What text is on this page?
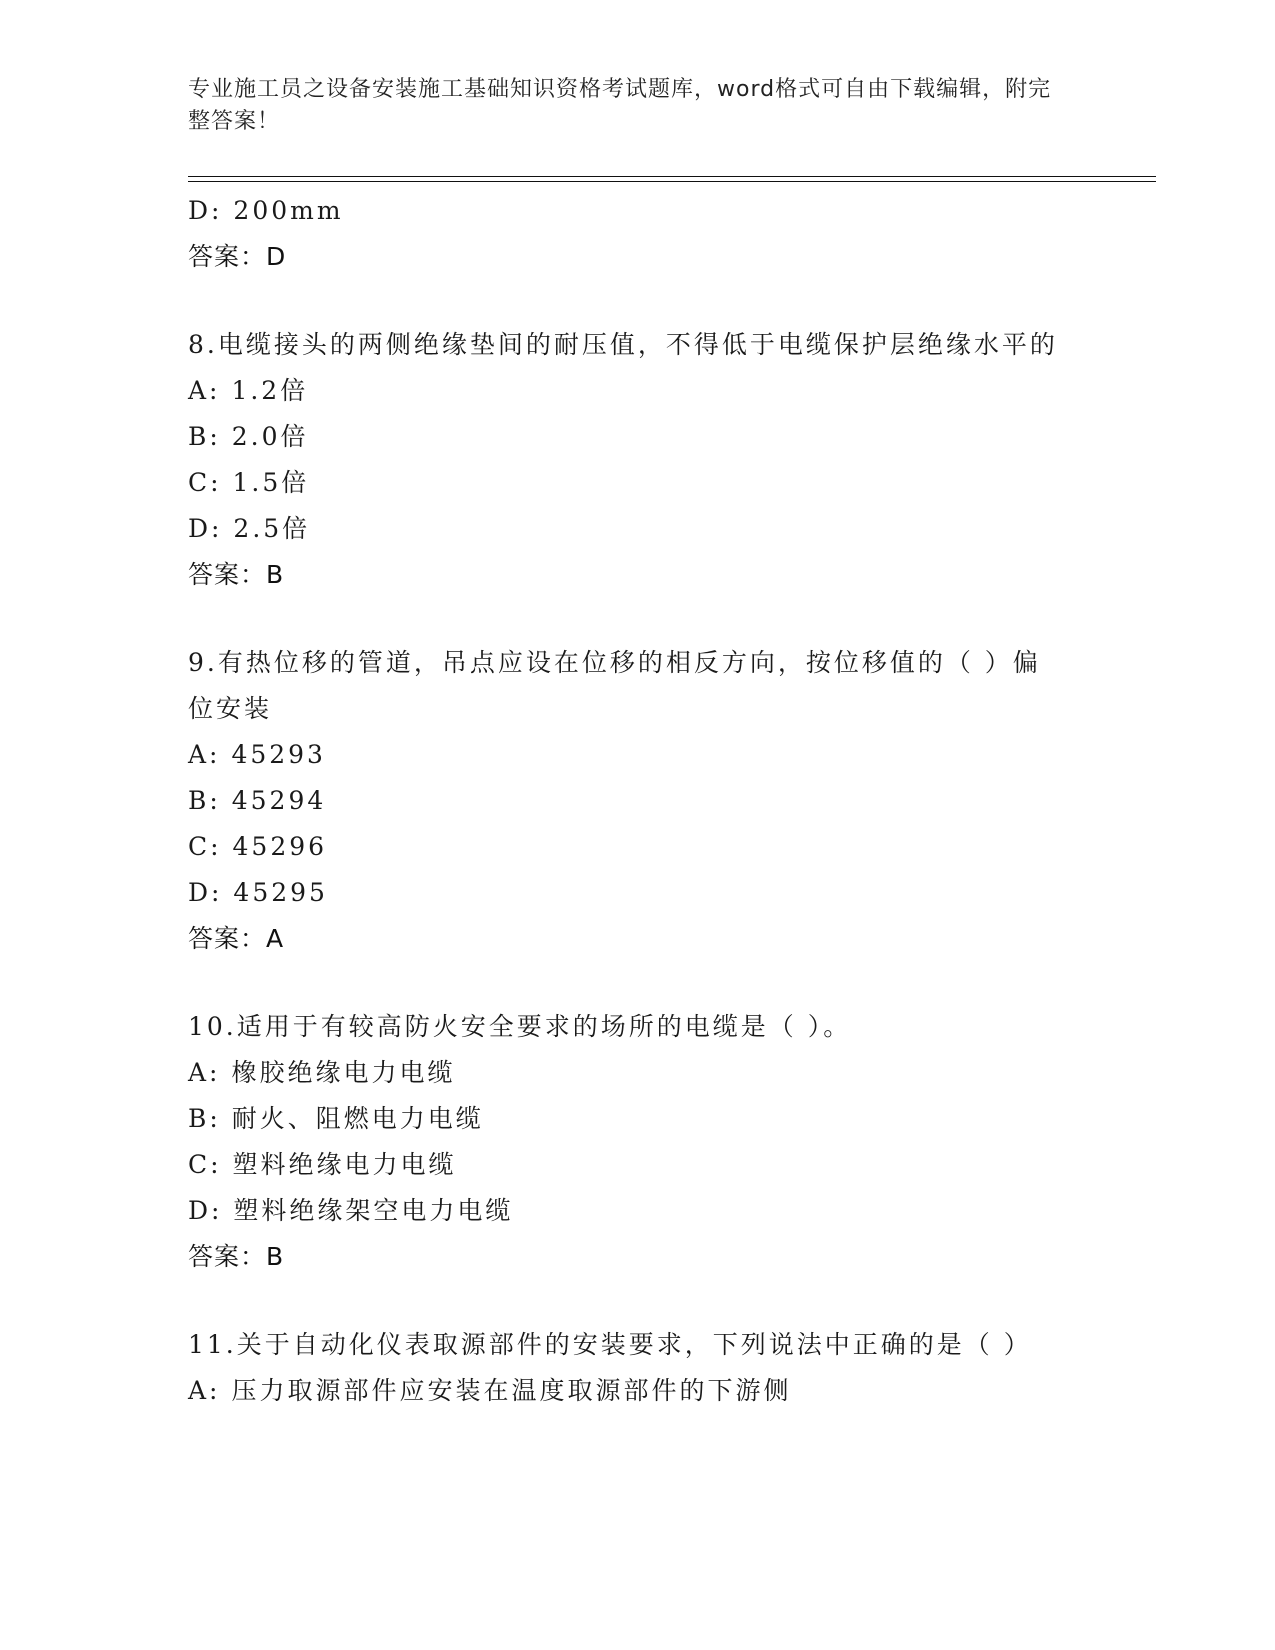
专业施工员之设备安装施工基础知识资格考试题库，word格式可自由下载编辑，附完整答案！
D: 200mm
答案：D
8.电缆接头的两侧绝缘垫间的耐压值，不得低于电缆保护层绝缘水平的
A: 1.2倍
B: 2.0倍
C: 1.5倍
D: 2.5倍
答案：B
9.有热位移的管道，吊点应设在位移的相反方向，按位移值的（ ）偏位安装
A: 45293
B: 45294
C: 45296
D: 45295
答案：A
10.适用于有较高防火安全要求的场所的电缆是（ ）。
A: 橡胶绝缘电力电缆
B: 耐火、阻燃电力电缆
C: 塑料绝缘电力电缆
D: 塑料绝缘架空电力电缆
答案：B
11.关于自动化仪表取源部件的安装要求，下列说法中正确的是（ ）
A: 压力取源部件应安装在温度取源部件的下游侧
